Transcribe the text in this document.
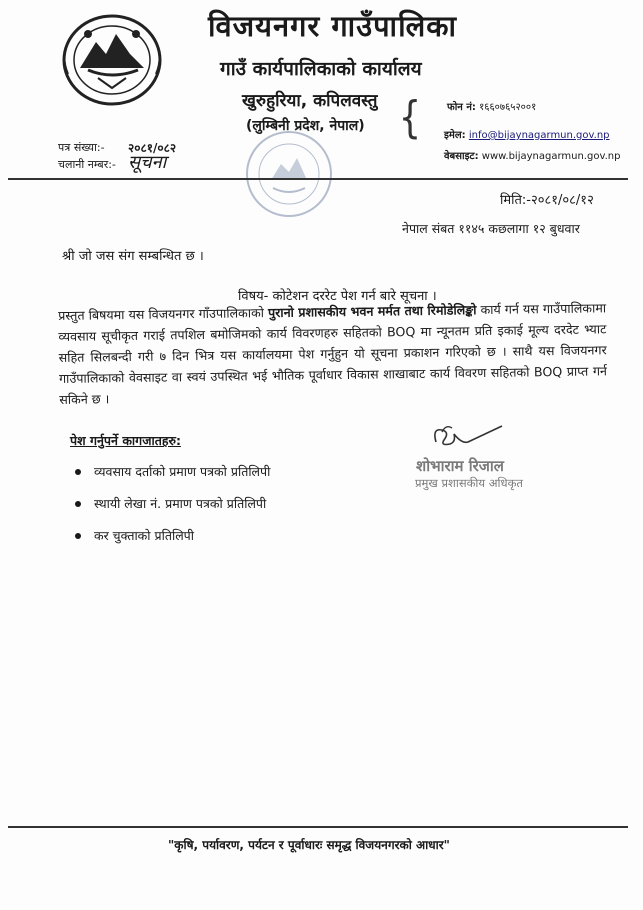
विजयनगर गाउँपालिका
गाउँ कार्यपालिकाको कार्यालय
खुरुहुरिया, कपिलवस्तु
(लुम्बिनी प्रदेश, नेपाल) {	फोन नं: १६६०७६५२००१
इमेल: info@bijaynagarmun.gov.np
वेबसाइट: www.bijaynagarmun.gov.np
पत्र संख्या:- २०८१/०८२
चलानी नम्बर:- सूचना
मिति:-२०८१/०८/१२
नेपाल संबत ११४५ कछलागा १२ बुधवार
श्री जो जस संग सम्बन्धित छ ।
विषय- कोटेशन दररेट पेश गर्न बारे सूचना ।
प्रस्तुत बिषयमा यस विजयनगर गाँउपालिकाको पुरानो प्रशासकीय भवन मर्मत तथा रिमोडेलिङ्को कार्य गर्न यस गाउँपालिकामा व्यवसाय सूचीकृत गराई तपशिल बमोजिमको कार्य विवरणहरु सहितको BOQ मा न्यूनतम प्रति इकाई मूल्य दरदेट भ्याट सहित सिलबन्दी गरी ७ दिन भित्र यस कार्यालयमा पेश गर्नुहुन यो सूचना प्रकाशन गरिएको छ । साथै यस विजयनगर गाउँपालिकाको वेवसाइट वा स्वयं उपस्थित भई भौतिक पूर्वाधार विकास शाखाबाट कार्य विवरण सहितको BOQ प्राप्त गर्न सकिने छ ।
पेश गर्नुपर्ने कागजातहरु:
व्यवसाय दर्ताको प्रमाण पत्रको प्रतिलिपी
स्थायी लेखा नं. प्रमाण पत्रको प्रतिलिपी
कर चुक्ताको प्रतिलिपी
शोभाराम रिजाल
प्रमुख प्रशासकीय अधिकृत
"कृषि, पर्यावरण, पर्यटन र पूर्वाधारः समृद्ध विजयनगरको आधार"
